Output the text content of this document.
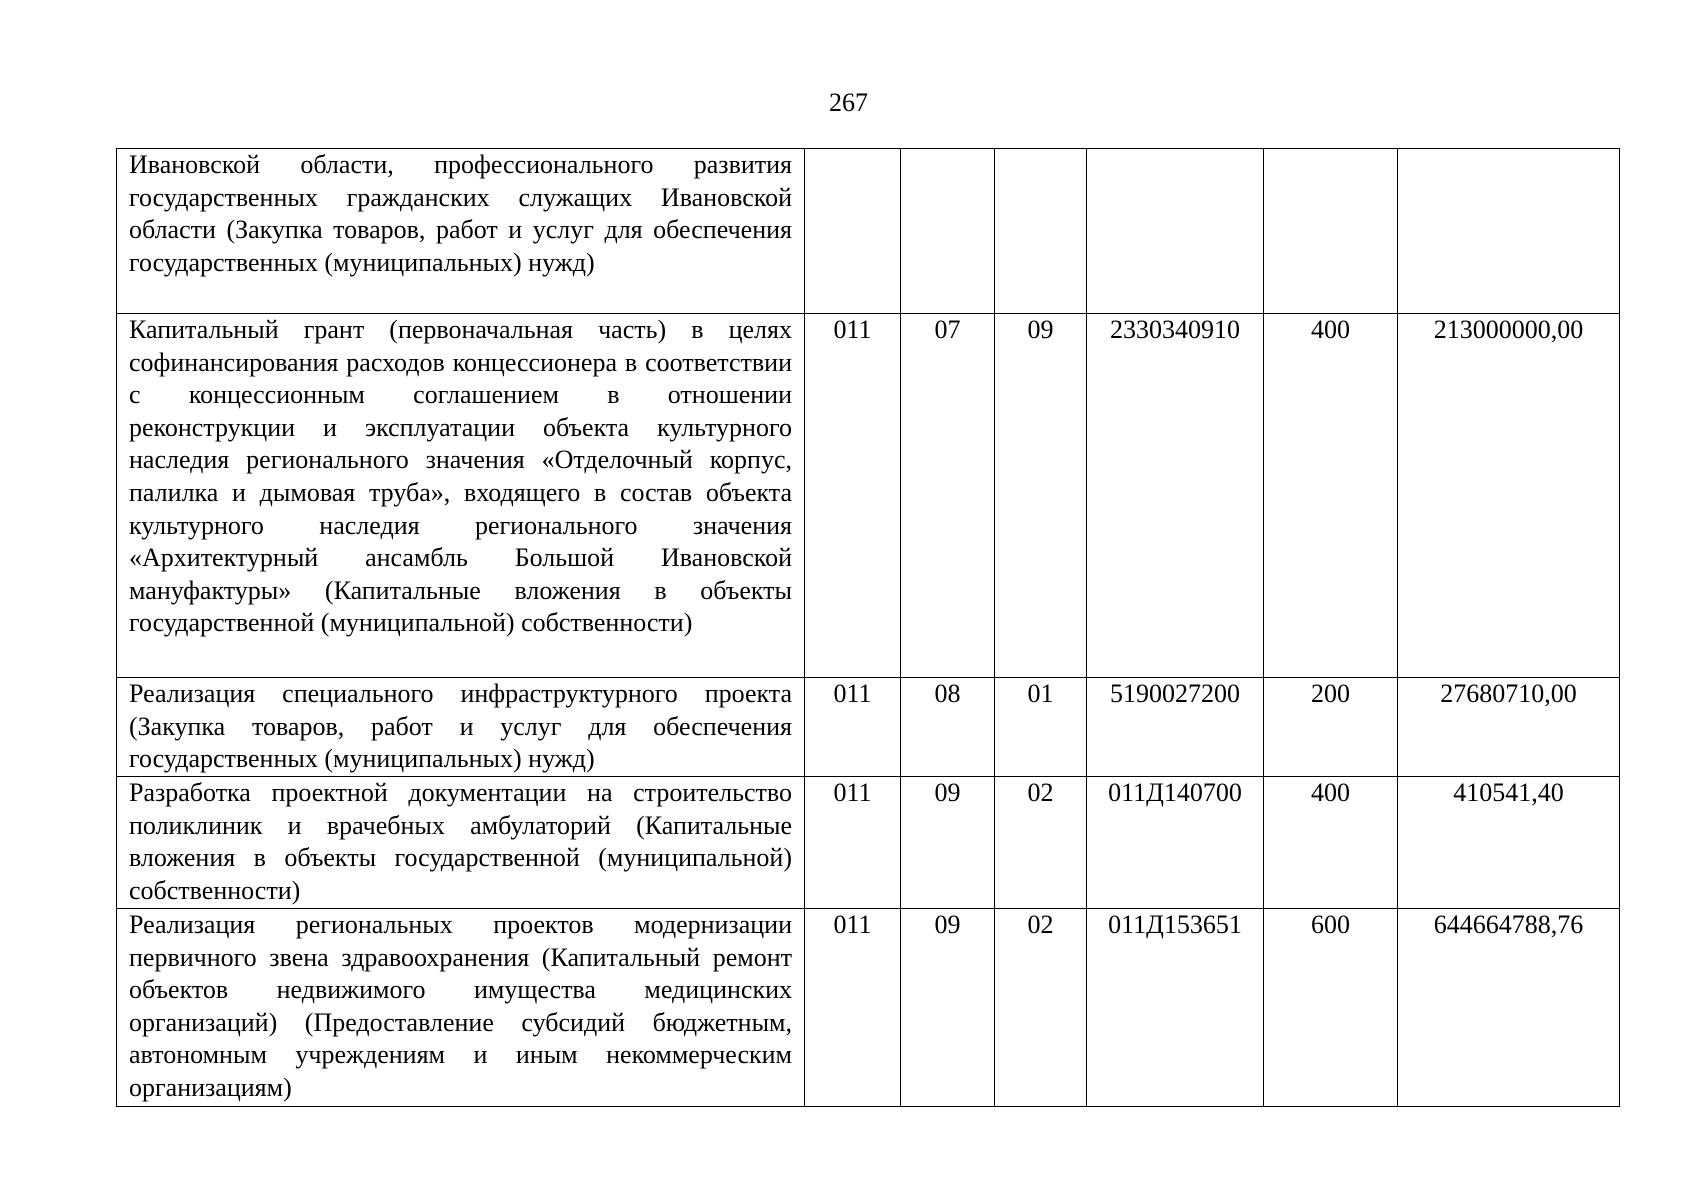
267
Ивановской области, профессионального развития государственных гражданских служащих Ивановской области (Закупка товаров, работ и услуг для обеспечения государственных (муниципальных) нужд)						
Капитальный грант (первоначальная часть) в целях софинансирования расходов концессионера в соответствии с концессионным соглашением в отношении реконструкции и эксплуатации объекта культурного наследия регионального значения «Отделочный корпус, палилка и дымовая труба», входящего в состав объекта культурного наследия регионального значения «Архитектурный ансамбль Большой Ивановской мануфактуры» (Капитальные вложения в объекты государственной (муниципальной) собственности)	011	07	09	2330340910	400	213000000,00
Реализация специального инфраструктурного проекта (Закупка товаров, работ и услуг для обеспечения государственных (муниципальных) нужд)	011	08	01	5190027200	200	27680710,00
Разработка проектной документации на строительство поликлиник и врачебных амбулаторий (Капитальные вложения в объекты государственной (муниципальной) собственности)	011	09	02	011Д140700	400	410541,40
Реализация региональных проектов модернизации первичного звена здравоохранения (Капитальный ремонт объектов недвижимого имущества медицинских организаций) (Предоставление субсидий бюджетным, автономным учреждениям и иным некоммерческим организациям)	011	09	02	011Д153651	600	644664788,76
